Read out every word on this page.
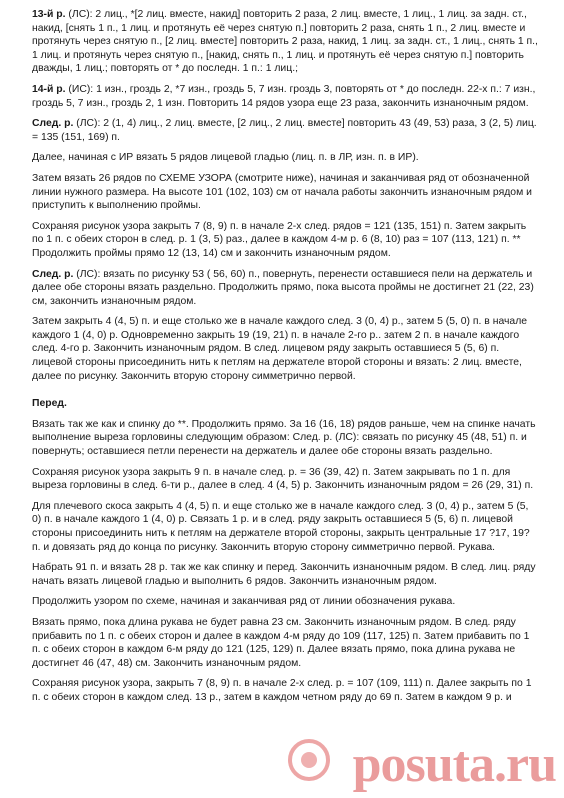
13-й р. (ЛС): 2 лиц., *[2 лиц. вместе, накид] повторить 2 раза, 2 лиц. вместе, 1 лиц., 1 лиц. за задн. ст., накид, [снять 1 п., 1 лиц. и протянуть её через снятую п.] повторить 2 раза, снять 1 п., 2 лиц. вместе и протянуть через снятую п., [2 лиц. вместе] повторить 2 раза, накид, 1 лиц. за задн. ст., 1 лиц., снять 1 п., 1 лиц. и протянуть через снятую п., [накид, снять п., 1 лиц. и протянуть её через снятую п.] повторить дважды, 1 лиц.; повторять от * до последн. 1 п.: 1 лиц.;

14-й р. (ИС): 1 изн., гроздь 2, *7 изн., гроздь 5, 7 изн. гроздь 3, повторять от * до последн. 22-х п.: 7 изн., гроздь 5, 7 изн., гроздь 2, 1 изн. Повторить 14 рядов узора еще 23 раза, закончить изнаночным рядом.

След. р. (ЛС): 2 (1, 4) лиц., 2 лиц. вместе, [2 лиц., 2 лиц. вместе] повторить 43 (49, 53) раза, 3 (2, 5) лиц. = 135 (151, 169) п.

Далее, начиная с ИР вязать 5 рядов лицевой гладью (лиц. п. в ЛР, изн. п. в ИР).

Затем вязать 26 рядов по СХЕМЕ УЗОРА (смотрите ниже), начиная и заканчивая ряд от обозначенной линии нужного размера. На высоте 101 (102, 103) см от начала работы закончить изнаночным рядом и приступить к выполнению проймы.

Сохраняя рисунок узора закрыть 7 (8, 9) п. в начале 2-х след. рядов = 121 (135, 151) п. Затем закрыть по 1 п. с обеих сторон в след. р. 1 (3, 5) раз., далее в каждом 4-м р. 6 (8, 10) раз = 107 (113, 121) п. ** Продолжить проймы прямо 12 (13, 14) см и закончить изнаночным рядом.

След. р. (ЛС): вязать по рисунку 53 ( 56, 60) п., повернуть, перенести оставшиеся пели на держатель и далее обе стороны вязать раздельно. Продолжить прямо, пока высота проймы не достигнет 21 (22, 23) см, закончить изнаночным рядом.

Затем закрыть 4 (4, 5) п. и еще столько же в начале каждого след. 3 (0, 4) р., затем 5 (5, 0) п. в начале каждого 1 (4, 0) р. Одновременно закрыть 19 (19, 21) п. в начале 2-го р.. затем 2 п. в начале каждого след. 4-го р. Закончить изнаночным рядом. В след. лицевом ряду закрыть оставшиеся 5 (5, 6) п. лицевой стороны присоединить нить к петлям на держателе второй стороны и вязать: 2 лиц. вместе, далее по рисунку. Закончить вторую сторону симметрично первой.

Перед.

Вязать так же как и спинку до **. Продолжить прямо. За 16 (16, 18) рядов раньше, чем на спинке начать выполнение выреза горловины следующим образом: След. р. (ЛС): связать по рисунку 45 (48, 51) п. и повернуть; оставшиеся петли перенести на держатель и далее обе стороны вязать раздельно.

Сохраняя рисунок узора закрыть 9 п. в начале след. р. = 36 (39, 42) п. Затем закрывать по 1 п. для выреза горловины в след. 6-ти р., далее в след. 4 (4, 5) р. Закончить изнаночным рядом = 26 (29, 31) п.

Для плечевого скоса закрыть 4 (4, 5) п. и еще столько же в начале каждого след. 3 (0, 4) р., затем 5 (5, 0) п. в начале каждого 1 (4, 0) р. Связать 1 р. и в след. ряду закрыть оставшиеся 5 (5, 6) п. лицевой стороны присоединить нить к петлям на держателе второй стороны, закрыть центральные 17 ?17, 19? п. и довязать ряд до конца по рисунку. Закончить вторую сторону симметрично первой. Рукава.

Набрать 91 п. и вязать 28 р. так же как спинку и перед. Закончить изнаночным рядом. В след. лиц. ряду начать вязать лицевой гладью и выполнить 6 рядов. Закончить изнаночным рядом.

Продолжить узором по схеме, начиная и заканчивая ряд от линии обозначения рукава.

Вязать прямо, пока длина рукава не будет равна 23 см. Закончить изнаночным рядом. В след. ряду прибавить по 1 п. с обеих сторон и далее в каждом 4-м ряду до 109 (117, 125) п. Затем прибавить по 1 п. с обеих сторон в каждом 6-м ряду до 121 (125, 129) п. Далее вязать прямо, пока длина рукава не достигнет 46 (47, 48) см. Закончить изнаночным рядом.

Сохраняя рисунок узора, закрыть 7 (8, 9) п. в начале 2-х след. р. = 107 (109, 111) п. Далее закрыть по 1 п. с обеих сторон в каждом след. 13 р., затем в каждом четном ряду до 69 п. Затем в каждом 9 р. и

posuta.ru
